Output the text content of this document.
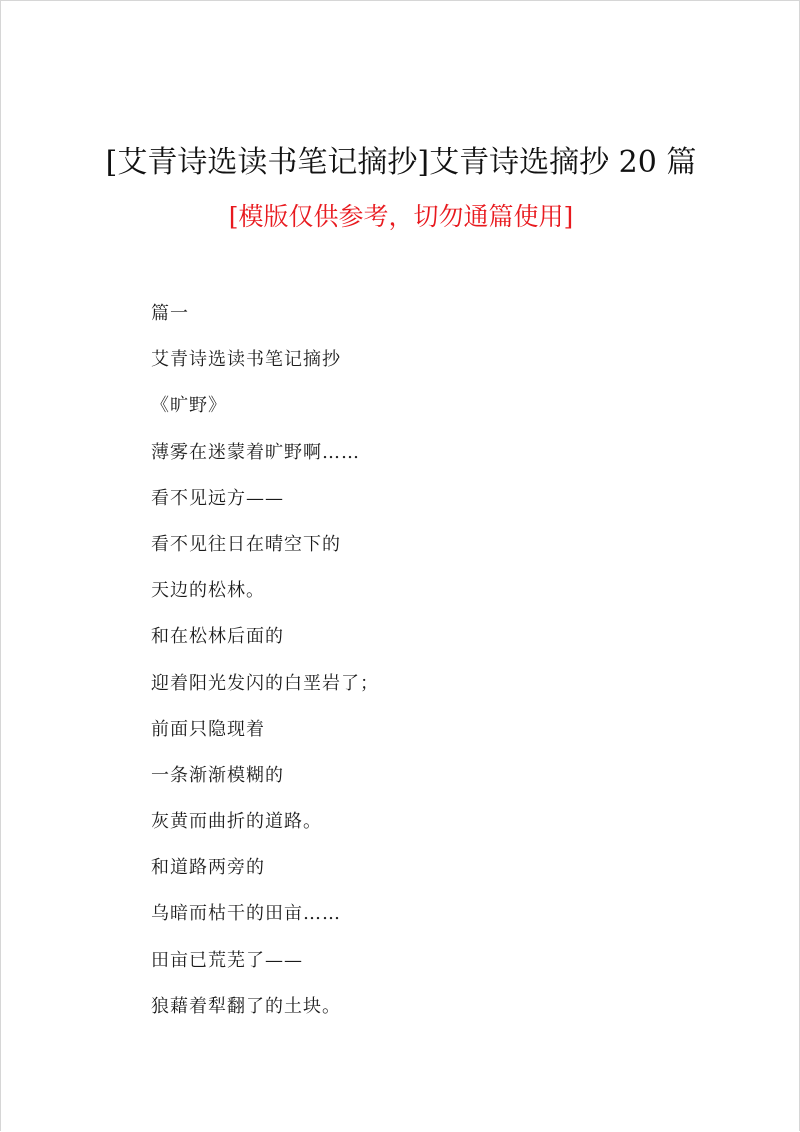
[艾青诗选读书笔记摘抄]艾青诗选摘抄 20 篇
[模版仅供参考，切勿通篇使用]
篇一
艾青诗选读书笔记摘抄
《旷野》
薄雾在迷蒙着旷野啊……
看不见远方——
看不见往日在晴空下的
天边的松林。
和在松林后面的
迎着阳光发闪的白垩岩了；
前面只隐现着
一条渐渐模糊的
灰黄而曲折的道路。
和道路两旁的
乌暗而枯干的田亩……
田亩已荒芜了——
狼藉着犁翻了的土块。
